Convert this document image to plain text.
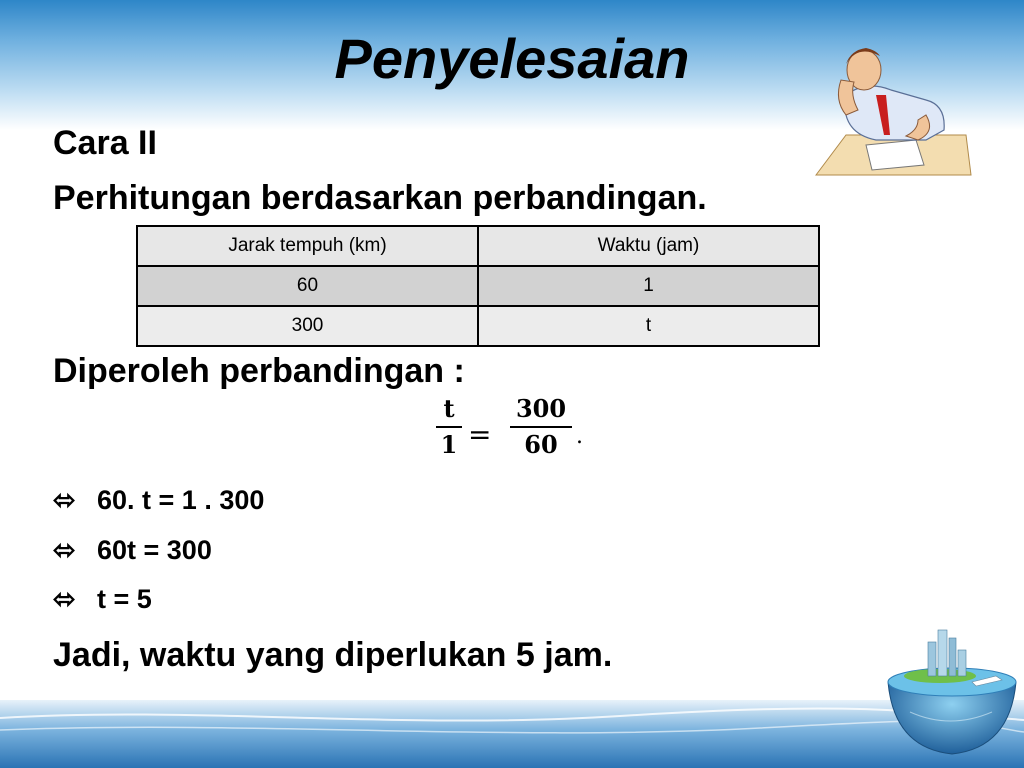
Penyelesaian
Cara II
Perhitungan berdasarkan perbandingan.
Jarak tempuh (km)	Waktu (jam)
60	1
300	t
Diperoleh perbandingan :
t
1 =
300
60 .
⬄ 60. t = 1 . 300
⬄ 60t = 300
⬄ t = 5
Jadi, waktu yang diperlukan 5 jam.
